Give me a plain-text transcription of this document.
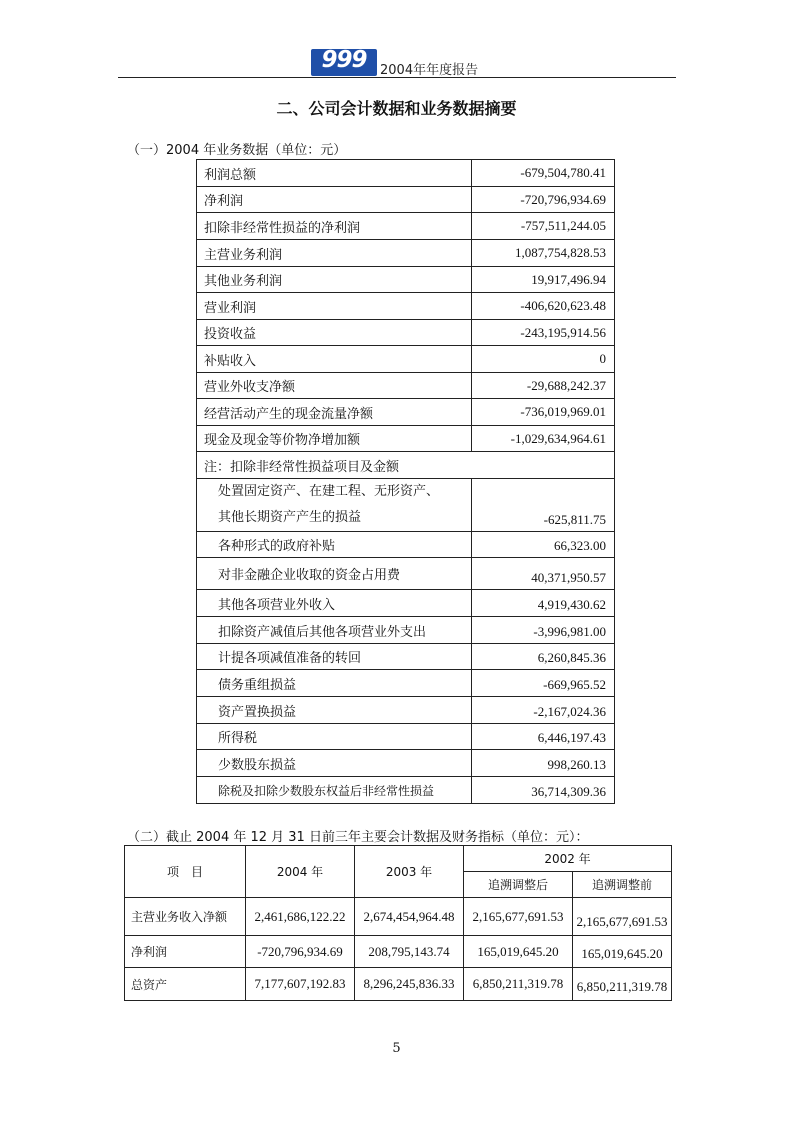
999	2004年年度报告
二、公司会计数据和业务数据摘要
（一）2004 年业务数据（单位：元）
利润总额	-679,504,780.41
净利润	-720,796,934.69
扣除非经常性损益的净利润	-757,511,244.05
主营业务利润	1,087,754,828.53
其他业务利润	19,917,496.94
营业利润	-406,620,623.48
投资收益	-243,195,914.56
补贴收入	0
营业外收支净额	-29,688,242.37
经营活动产生的现金流量净额	-736,019,969.01
现金及现金等价物净增加额	-1,029,634,964.61
注：扣除非经常性损益项目及金额	

处置固定资产、在建工程、无形资产、
其他长期资产产生的损益	-625,811.75
各种形式的政府补贴	66,323.00
对非金融企业收取的资金占用费	40,371,950.57
其他各项营业外收入	4,919,430.62
扣除资产减值后其他各项营业外支出	-3,996,981.00
计提各项减值准备的转回	6,260,845.36
债务重组损益	-669,965.52
资产置换损益	-2,167,024.36
所得税	6,446,197.43
少数股东损益	998,260.13
除税及扣除少数股东权益后非经常性损益	36,714,309.36
（二）截止 2004 年 12 月 31 日前三年主要会计数据及财务指标（单位：元）：
项　目	2004 年	2003 年	2002 年	
			追溯调整后	追溯调整前
主营业务收入净额	2,461,686,122.22	2,674,454,964.48	2,165,677,691.53	2,165,677,691.53
净利润	-720,796,934.69	208,795,143.74	165,019,645.20	165,019,645.20
总资产	7,177,607,192.83	8,296,245,836.33	6,850,211,319.78	6,850,211,319.78
5
